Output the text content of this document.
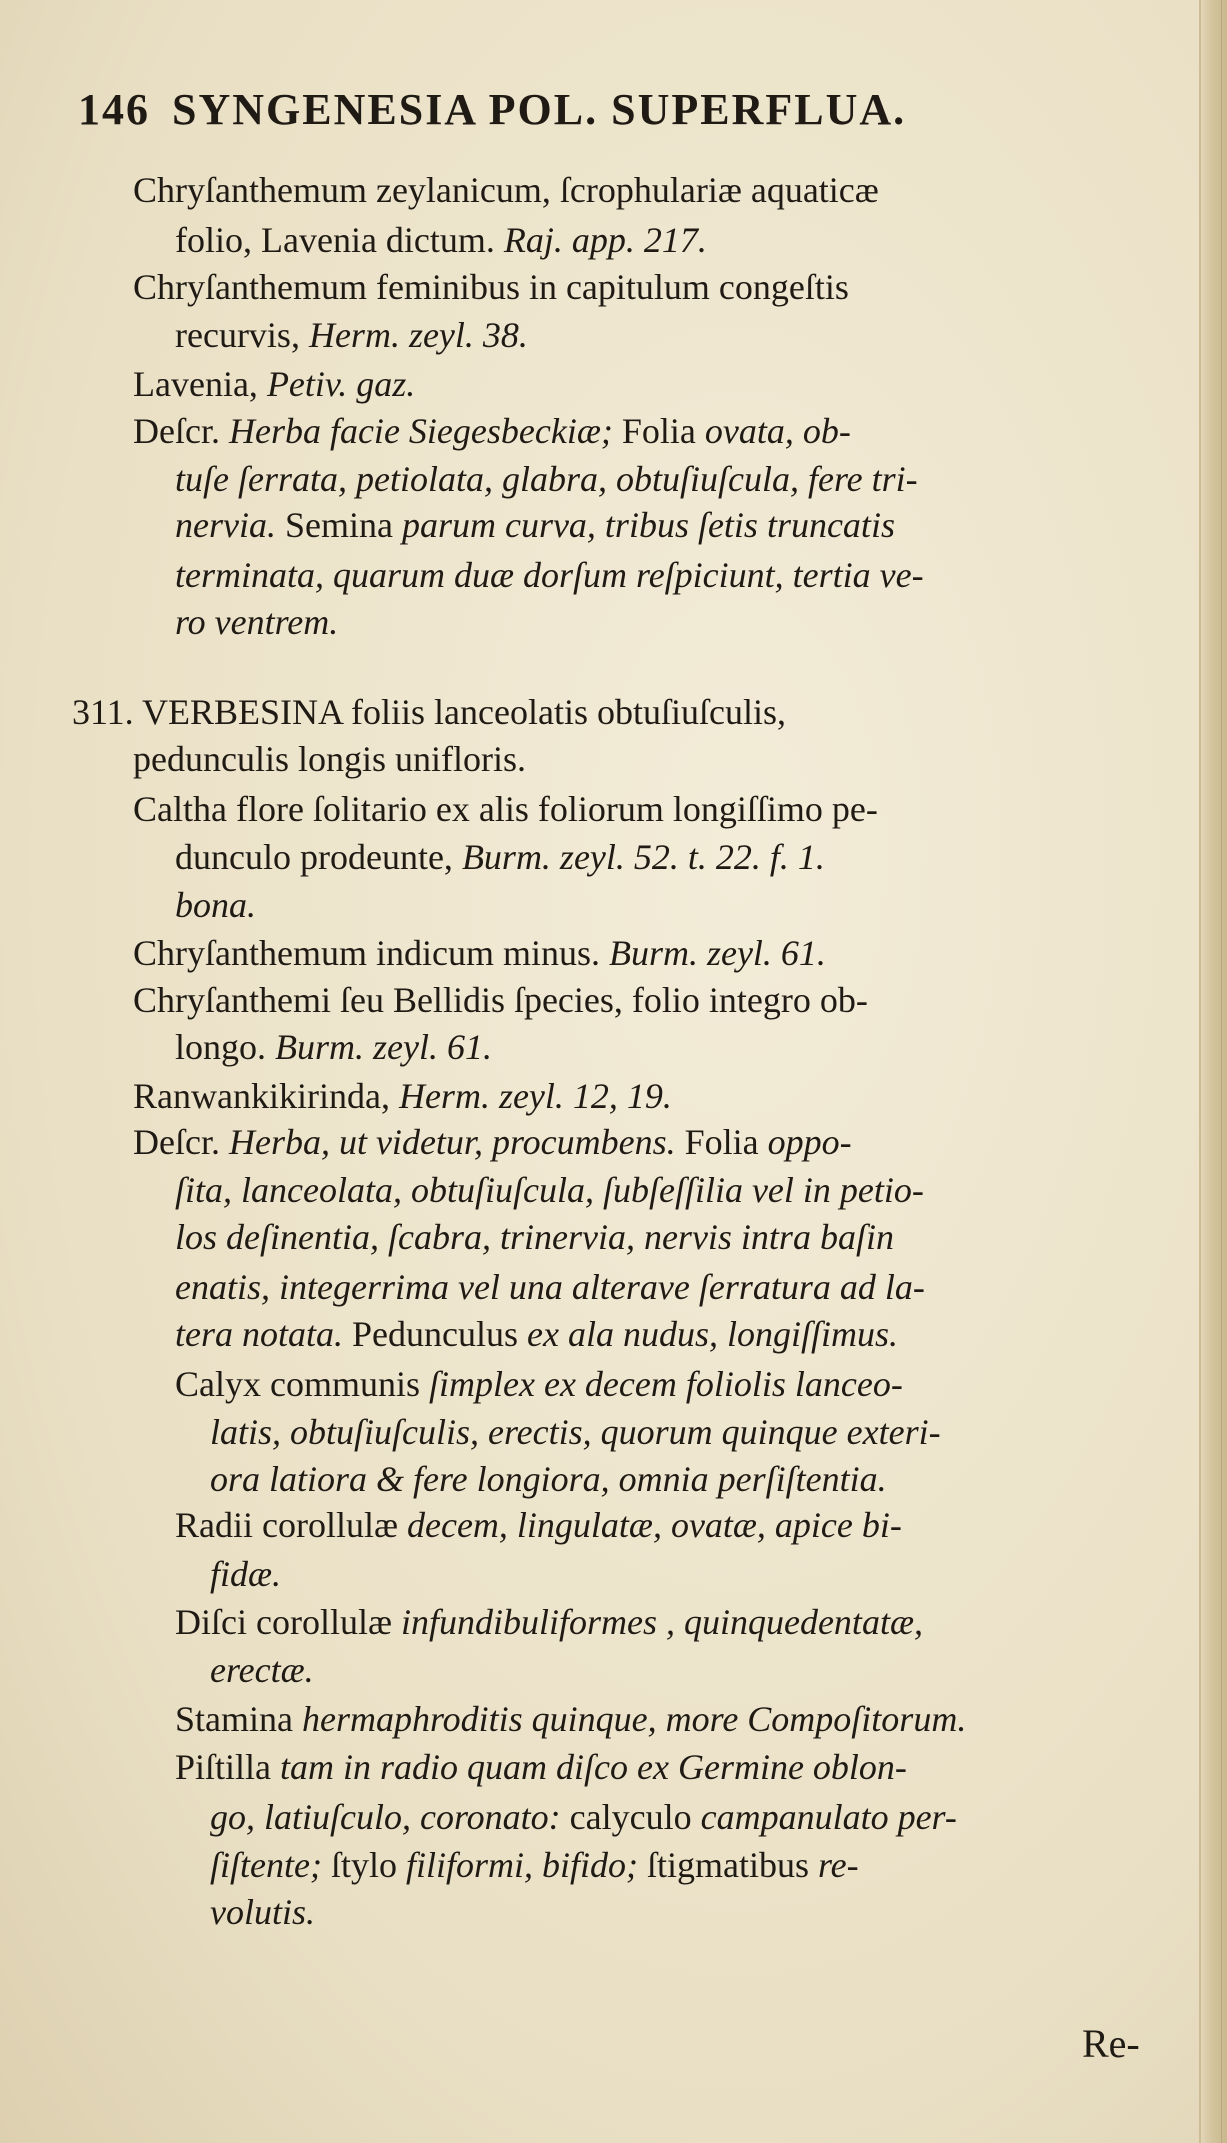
146 SYNGENESIA POL. SUPERFLUA.
Chryſanthemum zeylanicum, ſcrophulariæ aquaticæ
folio, Lavenia dictum. Raj. app. 217.
Chryſanthemum feminibus in capitulum congeſtis
recurvis, Herm. zeyl. 38.
Lavenia, Petiv. gaz.
Deſcr. Herba facie Siegesbeckiæ; Folia ovata, ob-
tuſe ſerrata, petiolata, glabra, obtuſiuſcula, fere tri-
nervia. Semina parum curva, tribus ſetis truncatis
terminata, quarum duæ dorſum reſpiciunt, tertia ve-
ro ventrem.
311. VERBESINA foliis lanceolatis obtuſiuſculis,
pedunculis longis unifloris.
Caltha flore ſolitario ex alis foliorum longiſſimo pe-
dunculo prodeunte, Burm. zeyl. 52. t. 22. f. 1.
bona.
Chryſanthemum indicum minus. Burm. zeyl. 61.
Chryſanthemi ſeu Bellidis ſpecies, folio integro ob-
longo. Burm. zeyl. 61.
Ranwankikirinda, Herm. zeyl. 12, 19.
Deſcr. Herba, ut videtur, procumbens. Folia oppo-
ſita, lanceolata, obtuſiuſcula, ſubſeſſilia vel in petio-
los deſinentia, ſcabra, trinervia, nervis intra baſin
enatis, integerrima vel una alterave ſerratura ad la-
tera notata. Pedunculus ex ala nudus, longiſſimus.
Calyx communis ſimplex ex decem foliolis lanceo-
latis, obtuſiuſculis, erectis, quorum quinque exteri-
ora latiora & fere longiora, omnia perſiſtentia.
Radii corollulæ decem, lingulatæ, ovatæ, apice bi-
fidæ.
Diſci corollulæ infundibuliformes , quinquedentatæ,
erectæ.
Stamina hermaphroditis quinque, more Compoſitorum.
Piſtilla tam in radio quam diſco ex Germine oblon-
go, latiuſculo, coronato: calyculo campanulato per-
ſiſtente; ſtylo filiformi, bifido; ſtigmatibus re-
volutis.
Re-
